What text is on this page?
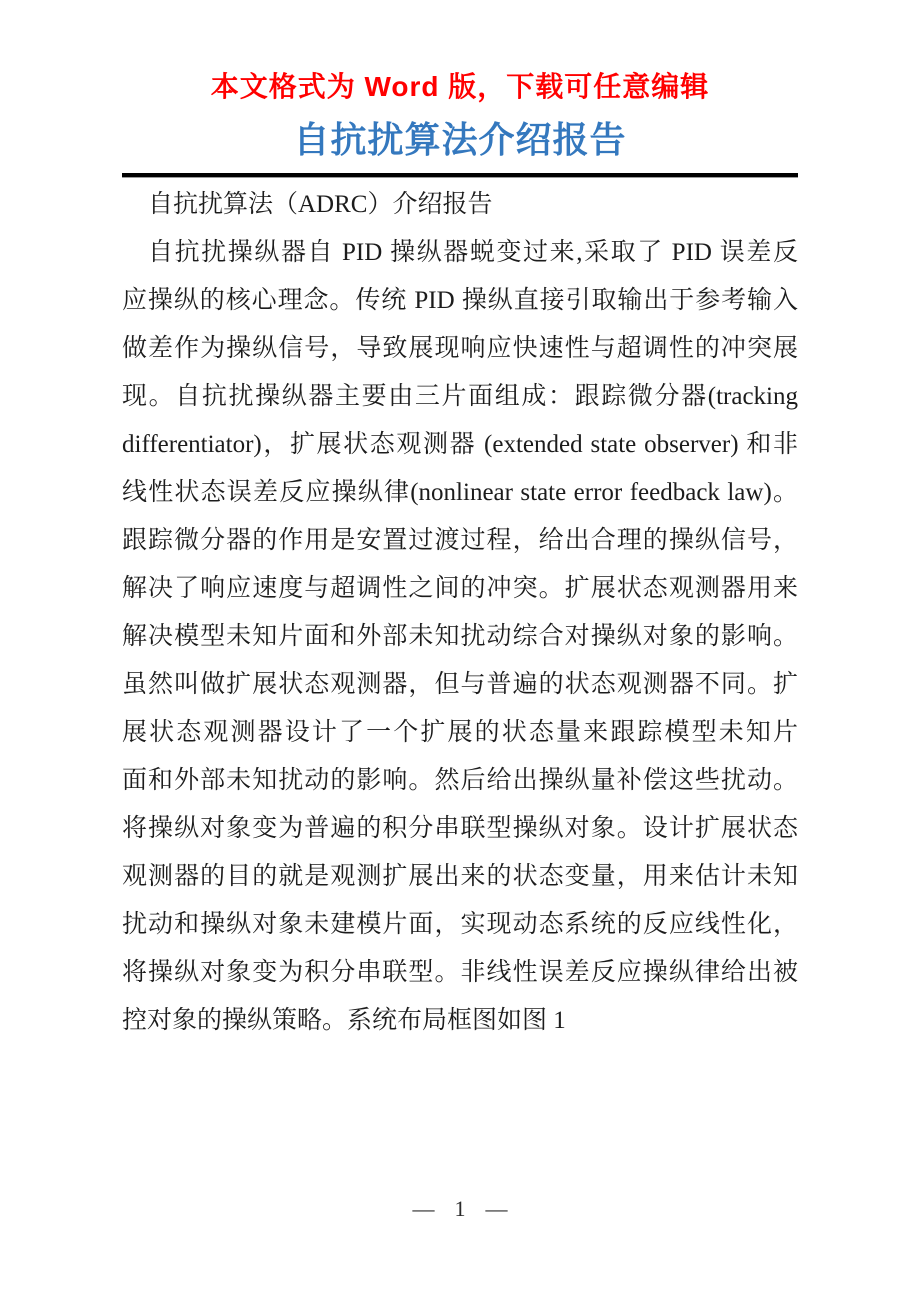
本文格式为 Word 版，下载可任意编辑
自抗扰算法介绍报告
自抗扰算法（ADRC）介绍报告
自抗扰操纵器自 PID 操纵器蜕变过来,采取了 PID 误差反
应操纵的核心理念。传统 PID 操纵直接引取输出于参考输入
做差作为操纵信号，导致展现响应快速性与超调性的冲突展
现。自抗扰操纵器主要由三片面组成：跟踪微分器(tracking
differentiator)，扩展状态观测器 (extended state observer) 和非
线性状态误差反应操纵律(nonlinear state error feedback law)。
跟踪微分器的作用是安置过渡过程，给出合理的操纵信号，
解决了响应速度与超调性之间的冲突。扩展状态观测器用来
解决模型未知片面和外部未知扰动综合对操纵对象的影响。
虽然叫做扩展状态观测器，但与普遍的状态观测器不同。扩
展状态观测器设计了一个扩展的状态量来跟踪模型未知片
面和外部未知扰动的影响。然后给出操纵量补偿这些扰动。
将操纵对象变为普遍的积分串联型操纵对象。设计扩展状态
观测器的目的就是观测扩展出来的状态变量，用来估计未知
扰动和操纵对象未建模片面，实现动态系统的反应线性化，
将操纵对象变为积分串联型。非线性误差反应操纵律给出被
控对象的操纵策略。系统布局框图如图 1
— 1 —
